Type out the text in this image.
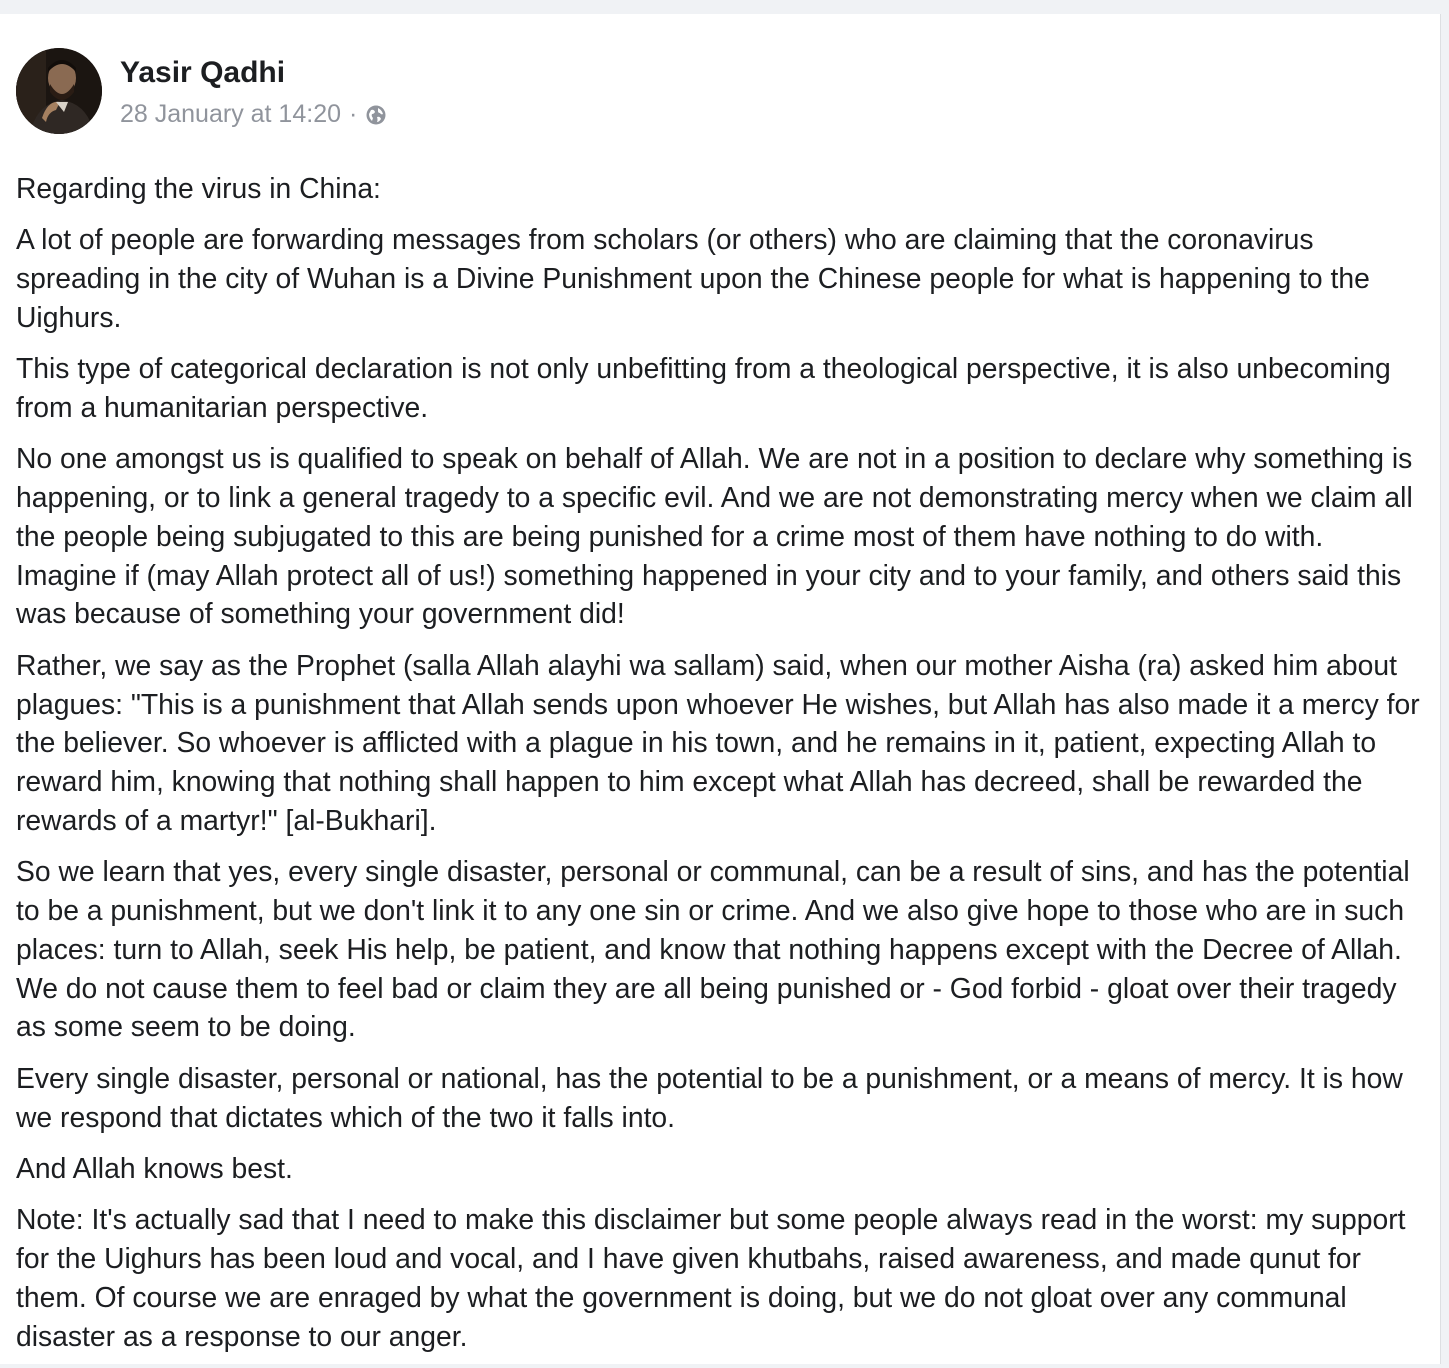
Yasir Qadhi
28 January at 14:20 ·

Regarding the virus in China:

A lot of people are forwarding messages from scholars (or others) who are claiming that the coronavirus spreading in the city of Wuhan is a Divine Punishment upon the Chinese people for what is happening to the Uighurs.

This type of categorical declaration is not only unbefitting from a theological perspective, it is also unbecoming from a humanitarian perspective.

No one amongst us is qualified to speak on behalf of Allah. We are not in a position to declare why something is happening, or to link a general tragedy to a specific evil. And we are not demonstrating mercy when we claim all the people being subjugated to this are being punished for a crime most of them have nothing to do with. Imagine if (may Allah protect all of us!) something happened in your city and to your family, and others said this was because of something your government did!

Rather, we say as the Prophet (salla Allah alayhi wa sallam) said, when our mother Aisha (ra) asked him about plagues: "This is a punishment that Allah sends upon whoever He wishes, but Allah has also made it a mercy for the believer. So whoever is afflicted with a plague in his town, and he remains in it, patient, expecting Allah to reward him, knowing that nothing shall happen to him except what Allah has decreed, shall be rewarded the rewards of a martyr!" [al-Bukhari].

So we learn that yes, every single disaster, personal or communal, can be a result of sins, and has the potential to be a punishment, but we don't link it to any one sin or crime. And we also give hope to those who are in such places: turn to Allah, seek His help, be patient, and know that nothing happens except with the Decree of Allah. We do not cause them to feel bad or claim they are all being punished or - God forbid - gloat over their tragedy as some seem to be doing.

Every single disaster, personal or national, has the potential to be a punishment, or a means of mercy. It is how we respond that dictates which of the two it falls into.

And Allah knows best.

Note: It's actually sad that I need to make this disclaimer but some people always read in the worst: my support for the Uighurs has been loud and vocal, and I have given khutbahs, raised awareness, and made qunut for them. Of course we are enraged by what the government is doing, but we do not gloat over any communal disaster as a response to our anger.
